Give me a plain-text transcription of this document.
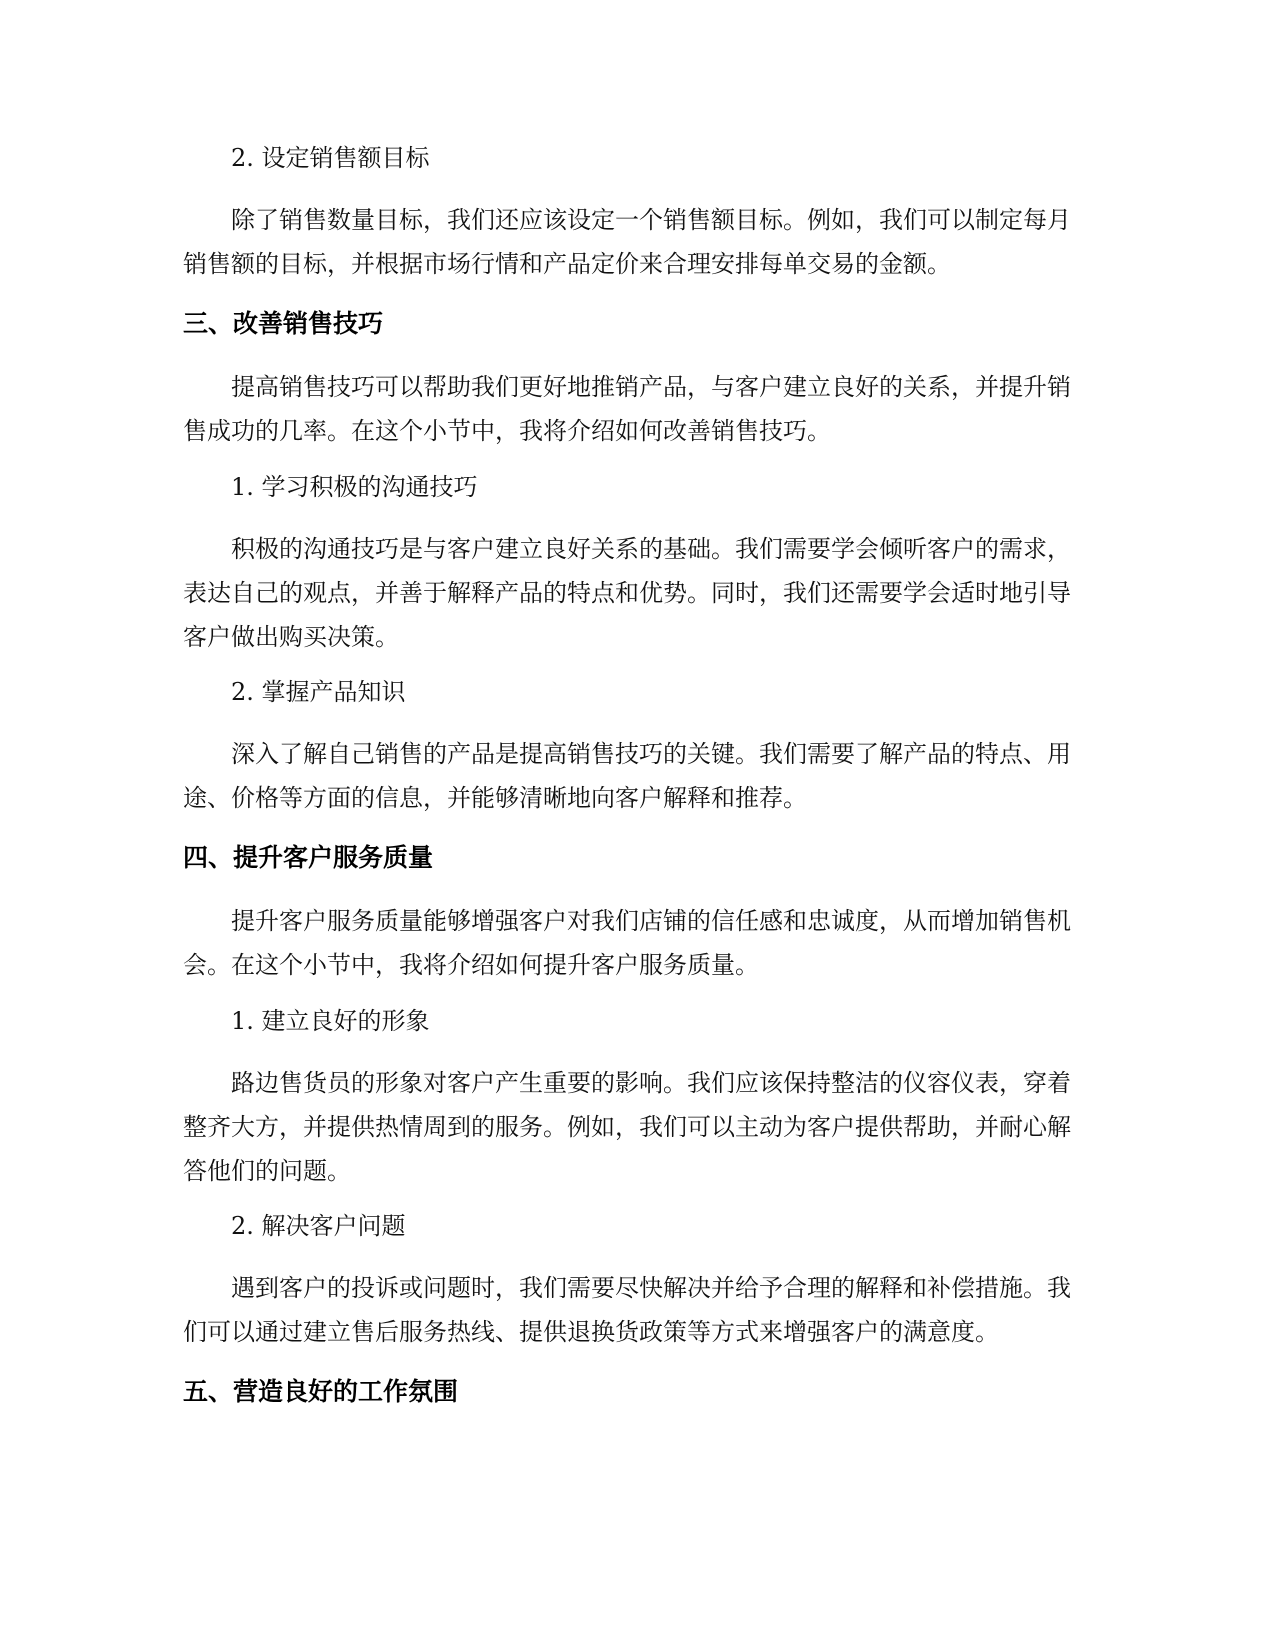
2. 设定销售额目标

除了销售数量目标，我们还应该设定一个销售额目标。例如，我们可以制定每月销售额的目标，并根据市场行情和产品定价来合理安排每单交易的金额。

三、改善销售技巧

提高销售技巧可以帮助我们更好地推销产品，与客户建立良好的关系，并提升销售成功的几率。在这个小节中，我将介绍如何改善销售技巧。

1. 学习积极的沟通技巧

积极的沟通技巧是与客户建立良好关系的基础。我们需要学会倾听客户的需求，表达自己的观点，并善于解释产品的特点和优势。同时，我们还需要学会适时地引导客户做出购买决策。

2. 掌握产品知识

深入了解自己销售的产品是提高销售技巧的关键。我们需要了解产品的特点、用途、价格等方面的信息，并能够清晰地向客户解释和推荐。

四、提升客户服务质量

提升客户服务质量能够增强客户对我们店铺的信任感和忠诚度，从而增加销售机会。在这个小节中，我将介绍如何提升客户服务质量。

1. 建立良好的形象

路边售货员的形象对客户产生重要的影响。我们应该保持整洁的仪容仪表，穿着整齐大方，并提供热情周到的服务。例如，我们可以主动为客户提供帮助，并耐心解答他们的问题。

2. 解决客户问题

遇到客户的投诉或问题时，我们需要尽快解决并给予合理的解释和补偿措施。我们可以通过建立售后服务热线、提供退换货政策等方式来增强客户的满意度。

五、营造良好的工作氛围
